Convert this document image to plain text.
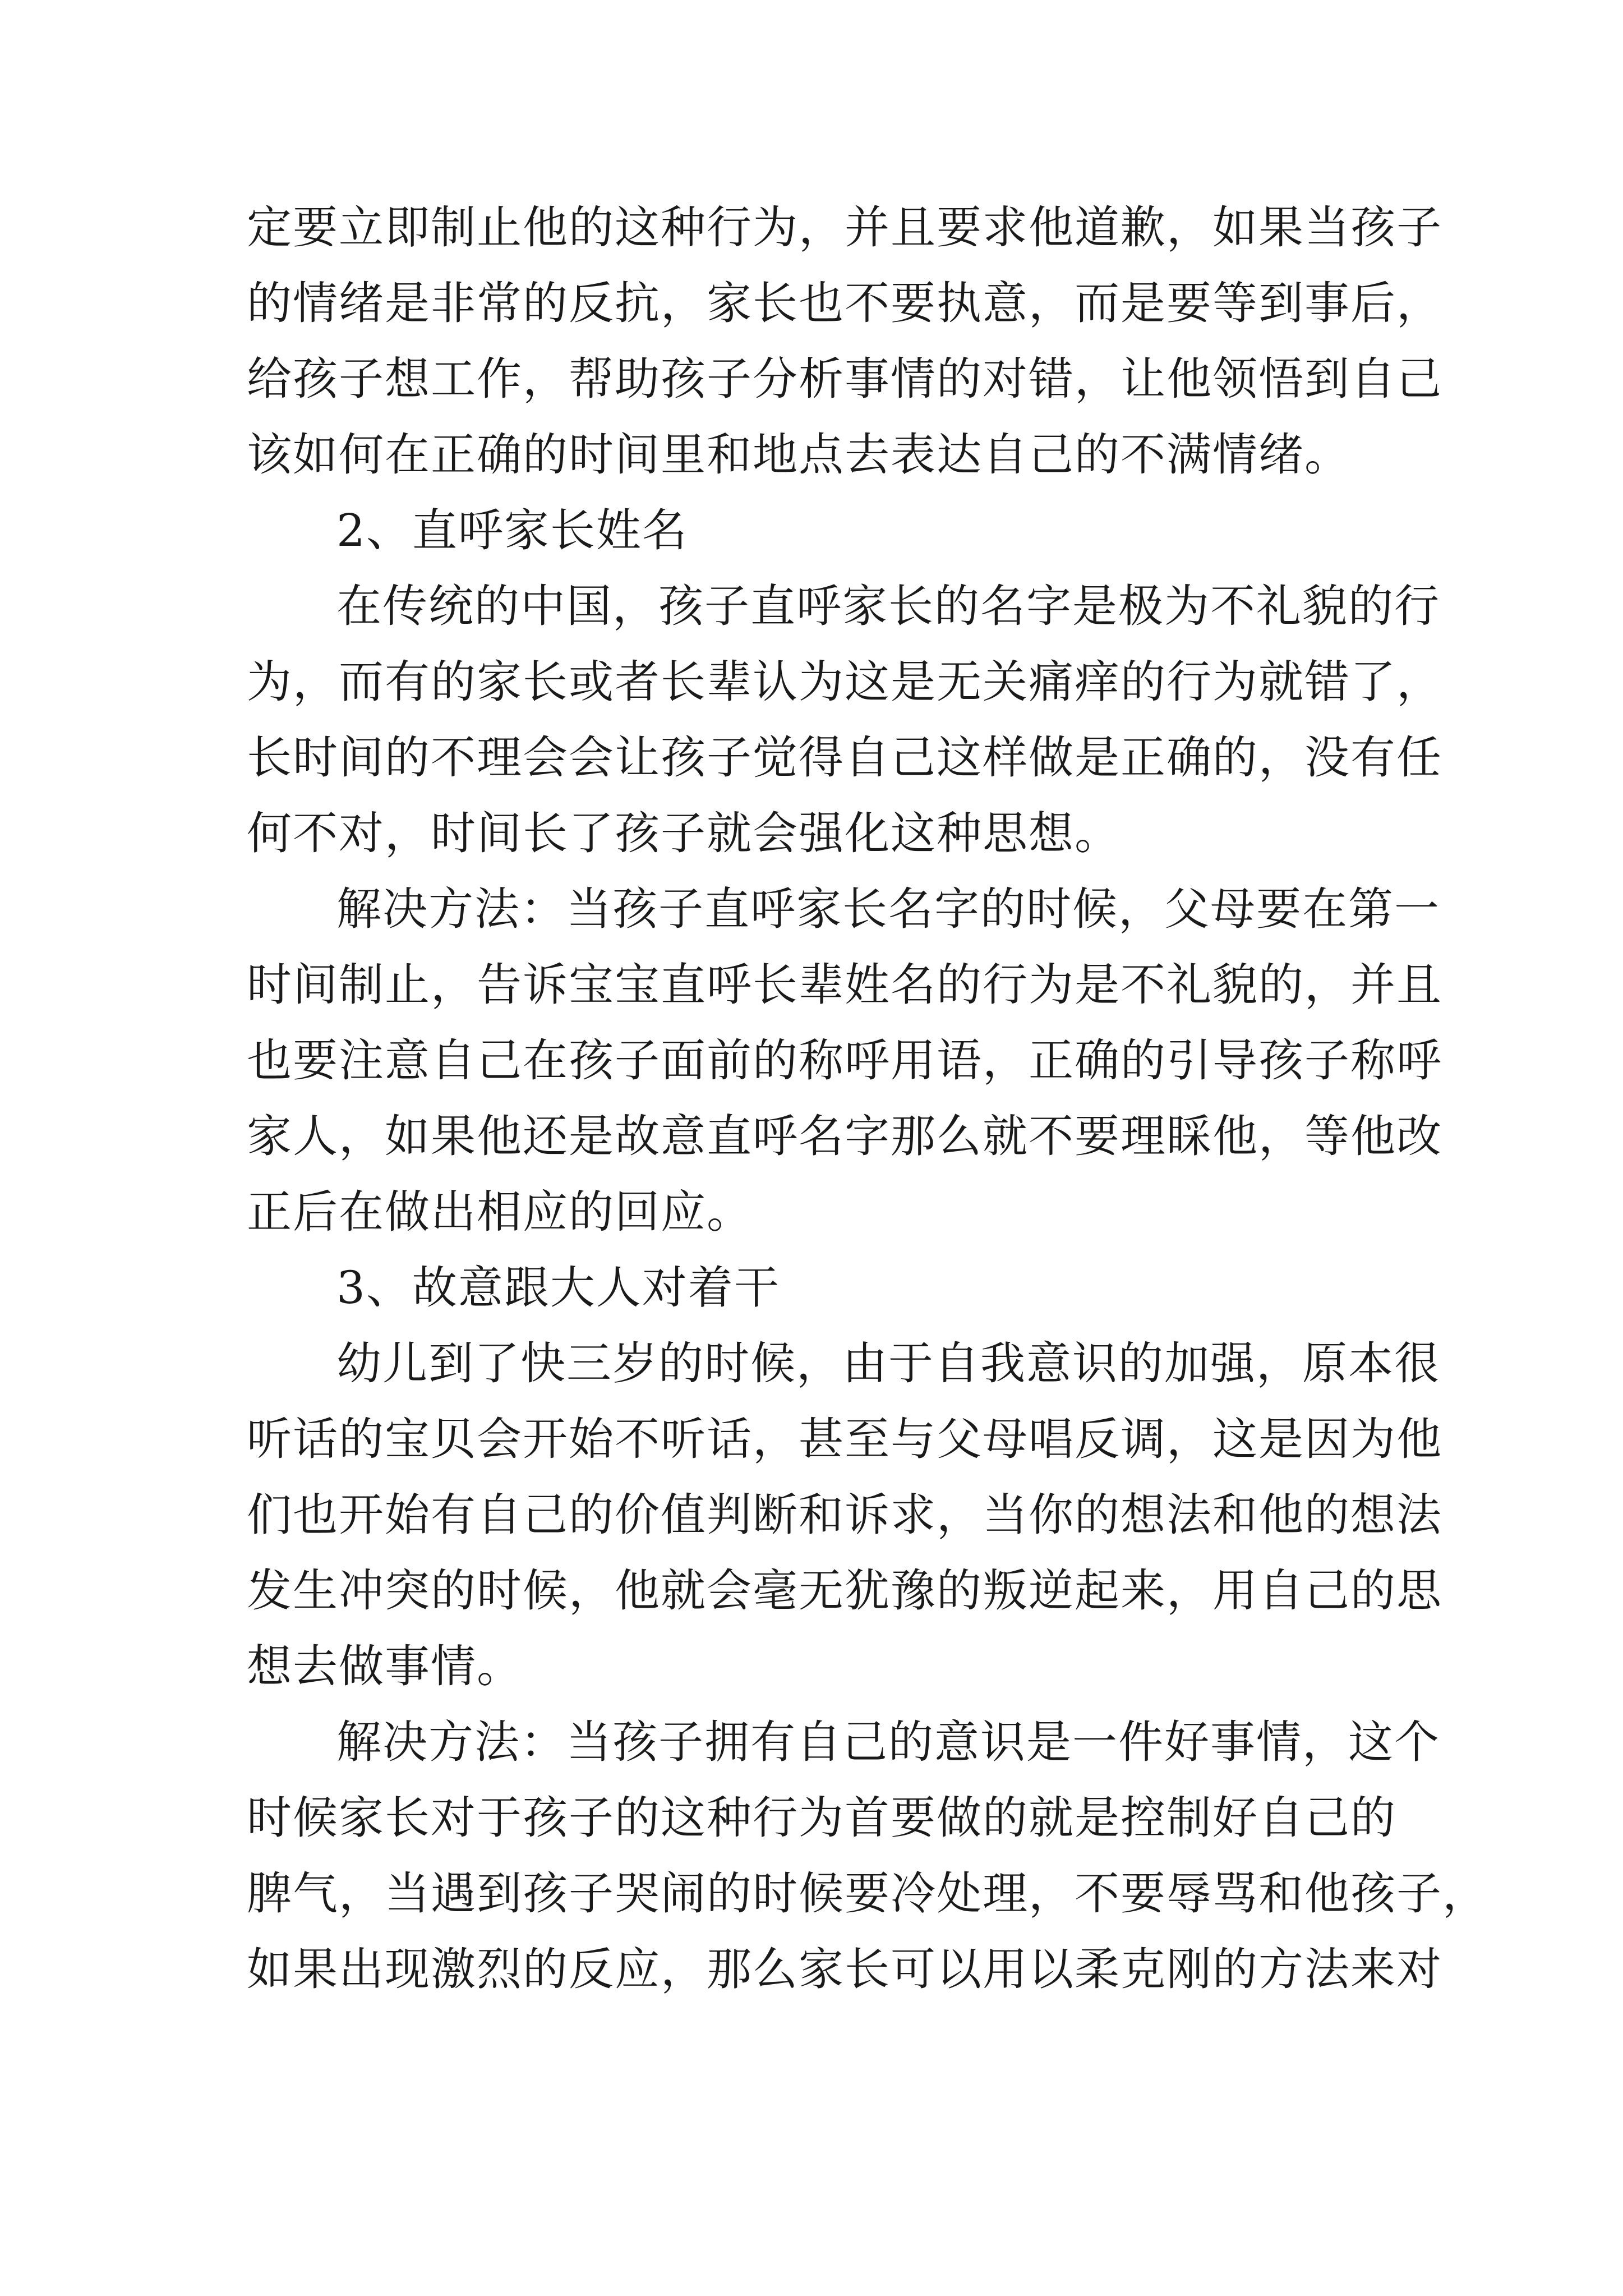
定要立即制止他的这种行为，并且要求他道歉，如果当孩子
的情绪是非常的反抗，家长也不要执意，而是要等到事后，
给孩子想工作，帮助孩子分析事情的对错，让他领悟到自己
该如何在正确的时间里和地点去表达自己的不满情绪。
2、直呼家长姓名
在传统的中国，孩子直呼家长的名字是极为不礼貌的行
为，而有的家长或者长辈认为这是无关痛痒的行为就错了，
长时间的不理会会让孩子觉得自己这样做是正确的，没有任
何不对，时间长了孩子就会强化这种思想。
解决方法：当孩子直呼家长名字的时候，父母要在第一
时间制止，告诉宝宝直呼长辈姓名的行为是不礼貌的，并且
也要注意自己在孩子面前的称呼用语，正确的引导孩子称呼
家人，如果他还是故意直呼名字那么就不要理睬他，等他改
正后在做出相应的回应。
3、故意跟大人对着干
幼儿到了快三岁的时候，由于自我意识的加强，原本很
听话的宝贝会开始不听话，甚至与父母唱反调，这是因为他
们也开始有自己的价值判断和诉求，当你的想法和他的想法
发生冲突的时候，他就会毫无犹豫的叛逆起来，用自己的思
想去做事情。
解决方法：当孩子拥有自己的意识是一件好事情，这个
时候家长对于孩子的这种行为首要做的就是控制好自己的
脾气，当遇到孩子哭闹的时候要冷处理，不要辱骂和他孩子，
如果出现激烈的反应，那么家长可以用以柔克刚的方法来对
